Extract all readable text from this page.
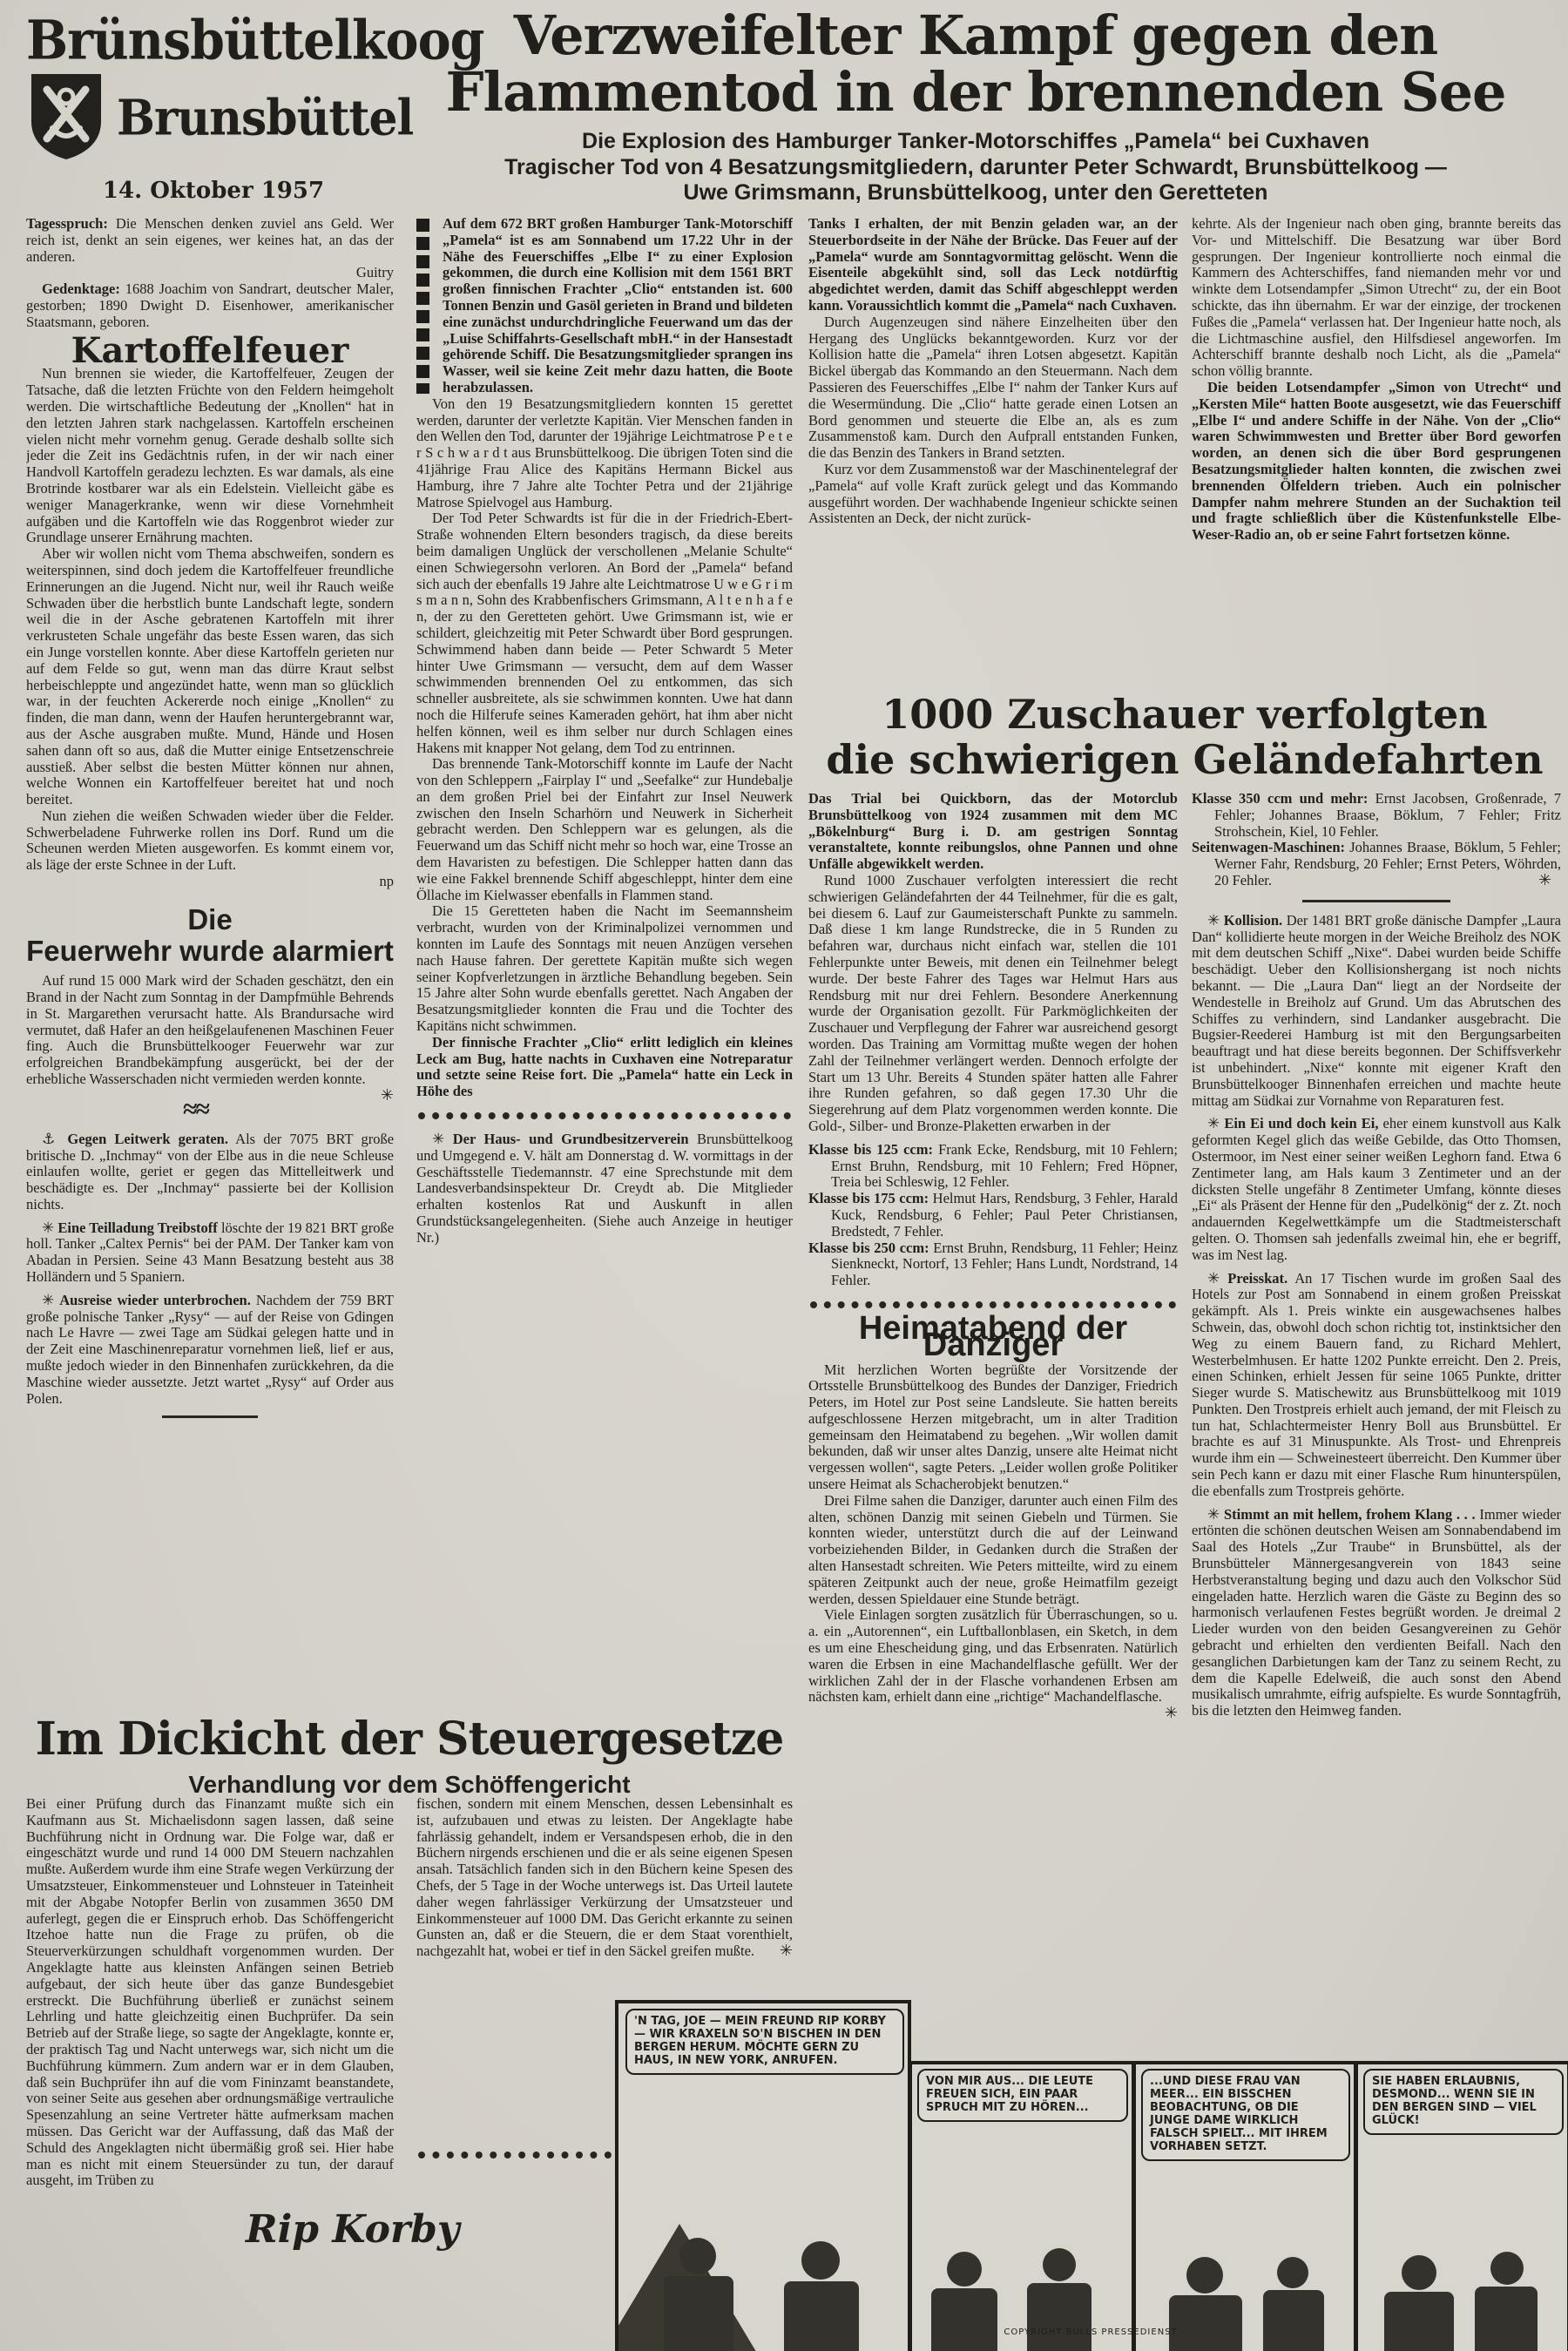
Brünsbüttelkoog
Brunsbüttel
14. Oktober 1957
Verzweifelter Kampf gegen den
Flammentod in der brennenden See
Die Explosion des Hamburger Tanker-Motorschiffes „Pamela“ bei Cuxhaven
Tragischer Tod von 4 Besatzungsmitgliedern, darunter Peter Schwardt, Brunsbüttelkoog —
Uwe Grimsmann, Brunsbüttelkoog, unter den Geretteten

Tagesspruch: Die Menschen denken zuviel ans Geld. Wer reich ist, denkt an sein eigenes, wer keines hat, an das der anderen.

Guitry

Gedenktage: 1688 Joachim von Sandrart, deutscher Maler, gestorben; 1890 Dwight D. Eisenhower, amerikanischer Staatsmann, geboren.

Kartoffelfeuer

Nun brennen sie wieder, die Kartoffelfeuer, Zeugen der Tatsache, daß die letzten Früchte von den Feldern heimgeholt werden. Die wirtschaftliche Bedeutung der „Knollen“ hat in den letzten Jahren stark nachgelassen. Kartoffeln erscheinen vielen nicht mehr vornehm genug. Gerade deshalb sollte sich jeder die Zeit ins Gedächtnis rufen, in der wir nach einer Handvoll Kartoffeln geradezu lechzten. Es war damals, als eine Brotrinde kostbarer war als ein Edelstein. Vielleicht gäbe es weniger Managerkranke, wenn wir diese Vornehmheit aufgäben und die Kartoffeln wie das Roggenbrot wieder zur Grundlage unserer Ernährung machten.

Aber wir wollen nicht vom Thema abschweifen, sondern es weiterspinnen, sind doch jedem die Kartoffelfeuer freundliche Erinnerungen an die Jugend. Nicht nur, weil ihr Rauch weiße Schwaden über die herbstlich bunte Landschaft legte, sondern weil die in der Asche gebratenen Kartoffeln mit ihrer verkrusteten Schale ungefähr das beste Essen waren, das sich ein Junge vorstellen konnte. Aber diese Kartoffeln gerieten nur auf dem Felde so gut, wenn man das dürre Kraut selbst herbeischleppte und angezündet hatte, wenn man so glücklich war, in der feuchten Ackererde noch einige „Knollen“ zu finden, die man dann, wenn der Haufen heruntergebrannt war, aus der Asche ausgraben mußte. Mund, Hände und Hosen sahen dann oft so aus, daß die Mutter einige Entsetzenschreie ausstieß. Aber selbst die besten Mütter können nur ahnen, welche Wonnen ein Kartoffelfeuer bereitet hat und noch bereitet.

Nun ziehen die weißen Schwaden wieder über die Felder. Schwerbeladene Fuhrwerke rollen ins Dorf. Rund um die Scheunen werden Mieten ausgeworfen. Es kommt einem vor, als läge der erste Schnee in der Luft.

np

Die
Feuerwehr wurde alarmiert

Auf rund 15 000 Mark wird der Schaden geschätzt, den ein Brand in der Nacht zum Sonntag in der Dampfmühle Behrends in St. Margarethen verursacht hatte. Als Brandursache wird vermutet, daß Hafer an den heißgelaufenenen Maschinen Feuer fing. Auch die Brunsbüttelkooger Feuerwehr war zur erfolgreichen Brandbekämpfung ausgerückt, bei der der erhebliche Wasserschaden nicht vermieden werden konnte.
✳

≈≈

⚓ Gegen Leitwerk geraten. Als der 7075 BRT große britische D. „Inchmay“ von der Elbe aus in die neue Schleuse einlaufen wollte, geriet er gegen das Mittelleitwerk und beschädigte es. Der „Inchmay“ passierte bei der Kollision nichts.

✳ Eine Teilladung Treibstoff löschte der 19 821 BRT große holl. Tanker „Caltex Pernis“ bei der PAM. Der Tanker kam von Abadan in Persien. Seine 43 Mann Besatzung besteht aus 38 Holländern und 5 Spaniern.

✳ Ausreise wieder unterbrochen. Nachdem der 759 BRT große polnische Tanker „Rysy“ — auf der Reise von Gdingen nach Le Havre — zwei Tage am Südkai gelegen hatte und in der Zeit eine Maschinenreparatur vornehmen ließ, lief er aus, mußte jedoch wieder in den Binnenhafen zurückkehren, da die Maschine wieder aussetzte. Jetzt wartet „Rysy“ auf Order aus Polen.

Auf dem 672 BRT großen Hamburger Tank-Motorschiff „Pamela“ ist es am Sonnabend um 17.22 Uhr in der Nähe des Feuerschiffes „Elbe I“ zu einer Explosion gekommen, die durch eine Kollision mit dem 1561 BRT großen finnischen Frachter „Clio“ entstanden ist. 600 Tonnen Benzin und Gasöl gerieten in Brand und bildeten eine zunächst undurchdringliche Feuerwand um das der „Luise Schiffahrts-Gesellschaft mbH.“ in der Hansestadt gehörende Schiff. Die Besatzungsmitglieder sprangen ins Wasser, weil sie keine Zeit mehr dazu hatten, die Boote herabzulassen.

Von den 19 Besatzungsmitgliedern konnten 15 gerettet werden, darunter der verletzte Kapitän. Vier Menschen fanden in den Wellen den Tod, darunter der 19jährige Leichtmatrose P e t e r S c h w a r d t aus Brunsbüttelkoog. Die übrigen Toten sind die 41jährige Frau Alice des Kapitäns Hermann Bickel aus Hamburg, ihre 7 Jahre alte Tochter Petra und der 21jährige Matrose Spielvogel aus Hamburg.

Der Tod Peter Schwardts ist für die in der Friedrich-Ebert-Straße wohnenden Eltern besonders tragisch, da diese bereits beim damaligen Unglück der verschollenen „Melanie Schulte“ einen Schwiegersohn verloren. An Bord der „Pamela“ befand sich auch der ebenfalls 19 Jahre alte Leichtmatrose U w e G r i m s m a n n, Sohn des Krabbenfischers Grimsmann, A l t e n h a f e n, der zu den Geretteten gehört. Uwe Grimsmann ist, wie er schildert, gleichzeitig mit Peter Schwardt über Bord gesprungen. Schwimmend haben dann beide — Peter Schwardt 5 Meter hinter Uwe Grimsmann — versucht, dem auf dem Wasser schwimmenden brennenden Oel zu entkommen, das sich schneller ausbreitete, als sie schwimmen konnten. Uwe hat dann noch die Hilferufe seines Kameraden gehört, hat ihm aber nicht helfen können, weil es ihm selber nur durch Schlagen eines Hakens mit knapper Not gelang, dem Tod zu entrinnen.

Das brennende Tank-Motorschiff konnte im Laufe der Nacht von den Schleppern „Fairplay I“ und „Seefalke“ zur Hundebalje an dem großen Priel bei der Einfahrt zur Insel Neuwerk zwischen den Inseln Scharhörn und Neuwerk in Sicherheit gebracht werden. Den Schleppern war es gelungen, als die Feuerwand um das Schiff nicht mehr so hoch war, eine Trosse an dem Havaristen zu befestigen. Die Schlepper hatten dann das wie eine Fakkel brennende Schiff abgeschleppt, hinter dem eine Öllache im Kielwasser ebenfalls in Flammen stand.

Die 15 Geretteten haben die Nacht im Seemannsheim verbracht, wurden von der Kriminalpolizei vernommen und konnten im Laufe des Sonntags mit neuen Anzügen versehen nach Hause fahren. Der gerettete Kapitän mußte sich wegen seiner Kopfverletzungen in ärztliche Behandlung begeben. Sein 15 Jahre alter Sohn wurde ebenfalls gerettet. Nach Angaben der Besatzungsmitglieder konnten die Frau und die Tochter des Kapitäns nicht schwimmen.

Der finnische Frachter „Clio“ erlitt lediglich ein kleines Leck am Bug, hatte nachts in Cuxhaven eine Notreparatur und setzte seine Reise fort. Die „Pamela“ hatte ein Leck in Höhe des

✳ Der Haus- und Grundbesitzerverein Brunsbüttelkoog und Umgegend e. V. hält am Donnerstag d. W. vormittags in der Geschäftsstelle Tiedemannstr. 47 eine Sprechstunde mit dem Landesverbandsinspekteur Dr. Creydt ab. Die Mitglieder erhalten kostenlos Rat und Auskunft in allen Grundstücksangelegenheiten. (Siehe auch Anzeige in heutiger Nr.)

Tanks I erhalten, der mit Benzin geladen war, an der Steuerbordseite in der Nähe der Brücke. Das Feuer auf der „Pamela“ wurde am Sonntagvormittag gelöscht. Wenn die Eisenteile abgekühlt sind, soll das Leck notdürftig abgedichtet werden, damit das Schiff abgeschleppt werden kann. Voraussichtlich kommt die „Pamela“ nach Cuxhaven.

Durch Augenzeugen sind nähere Einzelheiten über den Hergang des Unglücks bekanntgeworden. Kurz vor der Kollision hatte die „Pamela“ ihren Lotsen abgesetzt. Kapitän Bickel übergab das Kommando an den Steuermann. Nach dem Passieren des Feuerschiffes „Elbe I“ nahm der Tanker Kurs auf die Wesermündung. Die „Clio“ hatte gerade einen Lotsen an Bord genommen und steuerte die Elbe an, als es zum Zusammenstoß kam. Durch den Aufprall entstanden Funken, die das Benzin des Tankers in Brand setzten.

Kurz vor dem Zusammenstoß war der Maschinentelegraf der „Pamela“ auf volle Kraft zurück gelegt und das Kommando ausgeführt worden. Der wachhabende Ingenieur schickte seinen Assistenten an Deck, der nicht zurück-

kehrte. Als der Ingenieur nach oben ging, brannte bereits das Vor- und Mittelschiff. Die Besatzung war über Bord gesprungen. Der Ingenieur kontrollierte noch einmal die Kammern des Achterschiffes, fand niemanden mehr vor und winkte dem Lotsendampfer „Simon Utrecht“ zu, der ein Boot schickte, das ihn übernahm. Er war der einzige, der trockenen Fußes die „Pamela“ verlassen hat. Der Ingenieur hatte noch, als die Lichtmaschine ausfiel, den Hilfsdiesel angeworfen. Im Achterschiff brannte deshalb noch Licht, als die „Pamela“ schon völlig brannte.

Die beiden Lotsendampfer „Simon von Utrecht“ und „Kersten Mile“ hatten Boote ausgesetzt, wie das Feuerschiff „Elbe I“ und andere Schiffe in der Nähe. Von der „Clio“ waren Schwimmwesten und Bretter über Bord geworfen worden, an denen sich die über Bord gesprungenen Besatzungsmitglieder halten konnten, die zwischen zwei brennenden Ölfeldern trieben. Auch ein polnischer Dampfer nahm mehrere Stunden an der Suchaktion teil und fragte schließlich über die Küstenfunkstelle Elbe-Weser-Radio an, ob er seine Fahrt fortsetzen könne.

1000 Zuschauer verfolgten
die schwierigen Geländefahrten

Das Trial bei Quickborn, das der Motorclub Brunsbüttelkoog von 1924 zusammen mit dem MC „Bökelnburg“ Burg i. D. am gestrigen Sonntag veranstaltete, konnte reibungslos, ohne Pannen und ohne Unfälle abgewikkelt werden.

Rund 1000 Zuschauer verfolgten interessiert die recht schwierigen Geländefahrten der 44 Teilnehmer, für die es galt, bei diesem 6. Lauf zur Gaumeisterschaft Punkte zu sammeln. Daß diese 1 km lange Rundstrecke, die in 5 Runden zu befahren war, durchaus nicht einfach war, stellen die 101 Fehlerpunkte unter Beweis, mit denen ein Teilnehmer belegt wurde. Der beste Fahrer des Tages war Helmut Hars aus Rendsburg mit nur drei Fehlern. Besondere Anerkennung wurde der Organisation gezollt. Für Parkmöglichkeiten der Zuschauer und Verpflegung der Fahrer war ausreichend gesorgt worden. Das Training am Vormittag mußte wegen der hohen Zahl der Teilnehmer verlängert werden. Dennoch erfolgte der Start um 13 Uhr. Bereits 4 Stunden später hatten alle Fahrer ihre Runden gefahren, so daß gegen 17.30 Uhr die Siegerehrung auf dem Platz vorgenommen werden konnte. Die Gold-, Silber- und Bronze-Plaketten erwarben in der

Klasse bis 125 ccm: Frank Ecke, Rendsburg, mit 10 Fehlern; Ernst Bruhn, Rendsburg, mit 10 Fehlern; Fred Höpner, Treia bei Schleswig, 12 Fehler.

Klasse bis 175 ccm: Helmut Hars, Rendsburg, 3 Fehler, Harald Kuck, Rendsburg, 6 Fehler; Paul Peter Christiansen, Bredstedt, 7 Fehler.

Klasse bis 250 ccm: Ernst Bruhn, Rendsburg, 11 Fehler; Heinz Sienkneckt, Nortorf, 13 Fehler; Hans Lundt, Nordstrand, 14 Fehler.

Heimatabend der Danziger

Mit herzlichen Worten begrüßte der Vorsitzende der Ortsstelle Brunsbüttelkoog des Bundes der Danziger, Friedrich Peters, im Hotel zur Post seine Landsleute. Sie hatten bereits aufgeschlossene Herzen mitgebracht, um in alter Tradition gemeinsam den Heimatabend zu begehen. „Wir wollen damit bekunden, daß wir unser altes Danzig, unsere alte Heimat nicht vergessen wollen“, sagte Peters. „Leider wollen große Politiker unsere Heimat als Schacherobjekt benutzen.“

Drei Filme sahen die Danziger, darunter auch einen Film des alten, schönen Danzig mit seinen Giebeln und Türmen. Sie konnten wieder, unterstützt durch die auf der Leinwand vorbeiziehenden Bilder, in Gedanken durch die Straßen der alten Hansestadt schreiten. Wie Peters mitteilte, wird zu einem späteren Zeitpunkt auch der neue, große Heimatfilm gezeigt werden, dessen Spieldauer eine Stunde beträgt.

Viele Einlagen sorgten zusätzlich für Überraschungen, so u. a. ein „Autorennen“, ein Luftballonblasen, ein Sketch, in dem es um eine Ehescheidung ging, und das Erbsenraten. Natürlich waren die Erbsen in eine Machandelflasche gefüllt. Wer der wirklichen Zahl der in der Flasche vorhandenen Erbsen am nächsten kam, erhielt dann eine „richtige“ Machandelflasche.
✳

Klasse 350 ccm und mehr: Ernst Jacobsen, Großenrade, 7 Fehler; Johannes Braase, Böklum, 7 Fehler; Fritz Strohschein, Kiel, 10 Fehler.

Seitenwagen-Maschinen: Johannes Braase, Böklum, 5 Fehler; Werner Fahr, Rendsburg, 20 Fehler; Ernst Peters, Wöhrden, 20 Fehler.	✳

✳ Kollision. Der 1481 BRT große dänische Dampfer „Laura Dan“ kollidierte heute morgen in der Weiche Breiholz des NOK mit dem deutschen Schiff „Nixe“. Dabei wurden beide Schiffe beschädigt. Ueber den Kollisionshergang ist noch nichts bekannt. — Die „Laura Dan“ liegt an der Nordseite der Wendestelle in Breiholz auf Grund. Um das Abrutschen des Schiffes zu verhindern, sind Landanker ausgebracht. Die Bugsier-Reederei Hamburg ist mit den Bergungsarbeiten beauftragt und hat diese bereits begonnen. Der Schiffsverkehr ist unbehindert. „Nixe“ konnte mit eigener Kraft den Brunsbüttelkooger Binnenhafen erreichen und machte heute mittag am Südkai zur Vornahme von Reparaturen fest.

✳ Ein Ei und doch kein Ei, eher einem kunstvoll aus Kalk geformten Kegel glich das weiße Gebilde, das Otto Thomsen, Ostermoor, im Nest einer seiner weißen Leghorn fand. Etwa 6 Zentimeter lang, am Hals kaum 3 Zentimeter und an der dicksten Stelle ungefähr 8 Zentimeter Umfang, könnte dieses „Ei“ als Präsent der Henne für den „Pudelkönig“ der z. Zt. noch andauernden Kegelwettkämpfe um die Stadtmeisterschaft gelten. O. Thomsen sah jedenfalls zweimal hin, ehe er begriff, was im Nest lag.

✳ Preisskat. An 17 Tischen wurde im großen Saal des Hotels zur Post am Sonnabend in einem großen Preisskat gekämpft. Als 1. Preis winkte ein ausgewachsenes halbes Schwein, das, obwohl doch schon richtig tot, instinktsicher den Weg zu einem Bauern fand, zu Richard Mehlert, Westerbelmhusen. Er hatte 1202 Punkte erreicht. Den 2. Preis, einen Schinken, erhielt Jessen für seine 1065 Punkte, dritter Sieger wurde S. Matischewitz aus Brunsbüttelkoog mit 1019 Punkten. Den Trostpreis erhielt auch jemand, der mit Fleisch zu tun hat, Schlachtermeister Henry Boll aus Brunsbüttel. Er brachte es auf 31 Minuspunkte. Als Trost- und Ehrenpreis wurde ihm ein — Schweinesteert überreicht. Den Kummer über sein Pech kann er dazu mit einer Flasche Rum hinunterspülen, die ebenfalls zum Trostpreis gehörte.

✳ Stimmt an mit hellem, frohem Klang . . . Immer wieder ertönten die schönen deutschen Weisen am Sonnabendabend im Saal des Hotels „Zur Traube“ in Brunsbüttel, als der Brunsbütteler Männergesangverein von 1843 seine Herbstveranstaltung beging und dazu auch den Volkschor Süd eingeladen hatte. Herzlich waren die Gäste zu Beginn des so harmonisch verlaufenen Festes begrüßt worden. Je dreimal 2 Lieder wurden von den beiden Gesangvereinen zu Gehör gebracht und erhielten den verdienten Beifall. Nach den gesanglichen Darbietungen kam der Tanz zu seinem Recht, zu dem die Kapelle Edelweiß, die auch sonst den Abend musikalisch umrahmte, eifrig aufspielte. Es wurde Sonntagfrüh, bis die letzten den Heimweg fanden.

Im Dickicht der Steuergesetze
Verhandlung vor dem Schöffengericht

Bei einer Prüfung durch das Finanzamt mußte sich ein Kaufmann aus St. Michaelisdonn sagen lassen, daß seine Buchführung nicht in Ordnung war. Die Folge war, daß er eingeschätzt wurde und rund 14 000 DM Steuern nachzahlen mußte. Außerdem wurde ihm eine Strafe wegen Verkürzung der Umsatzsteuer, Einkommensteuer und Lohnsteuer in Tateinheit mit der Abgabe Notopfer Berlin von zusammen 3650 DM auferlegt, gegen die er Einspruch erhob. Das Schöffengericht Itzehoe hatte nun die Frage zu prüfen, ob die Steuerverkürzungen schuldhaft vorgenommen wurden. Der Angeklagte hatte aus kleinsten Anfängen seinen Betrieb aufgebaut, der sich heute über das ganze Bundesgebiet erstreckt. Die Buchführung überließ er zunächst seinem Lehrling und hatte gleichzeitig einen Buchprüfer. Da sein Betrieb auf der Straße liege, so sagte der Angeklagte, konnte er, der praktisch Tag und Nacht unterwegs war, sich nicht um die Buchführung kümmern. Zum andern war er in dem Glauben, daß sein Buchprüfer ihn auf die vom Fininzamt beanstandete, von seiner Seite aus gesehen aber ordnungsmäßige vertrauliche Spesenzahlung an seine Vertreter hätte aufmerksam machen müssen. Das Gericht war der Auffassung, daß das Maß der Schuld des Angeklagten nicht übermäßig groß sei. Hier habe man es nicht mit einem Steuersünder zu tun, der darauf ausgeht, im Trüben zu

fischen, sondern mit einem Menschen, dessen Lebensinhalt es ist, aufzubauen und etwas zu leisten. Der Angeklagte habe fahrlässig gehandelt, indem er Versandspesen erhob, die in den Büchern nirgends erschienen und die er als seine eigenen Spesen ansah. Tatsächlich fanden sich in den Büchern keine Spesen des Chefs, der 5 Tage in der Woche unterwegs ist. Das Urteil lautete daher wegen fahrlässiger Verkürzung der Umsatzsteuer und Einkommensteuer auf 1000 DM. Das Gericht erkannte zu seinen Gunsten an, daß er die Steuern, die er dem Staat vorenthielt, nachgezahlt hat, wobei er tief in den Säckel greifen mußte. ✳

Rip Korby
'N TAG, JOE — MEIN FREUND RIP KORBY — WIR KRAXELN SO'N BISCHEN IN DEN BERGEN HERUM. MÖCHTE GERN ZU HAUS, IN NEW YORK, ANRUFEN.
VON MIR AUS... DIE LEUTE FREUEN SICH, EIN PAAR SPRUCH MIT ZU HÖREN...
...UND DIESE FRAU VAN MEER... EIN BISSCHEN BEOBACHTUNG, OB DIE JUNGE DAME WIRKLICH FALSCH SPIELT... MIT IHREM VORHABEN SETZT.
SIE HABEN ERLAUBNIS, DESMOND... WENN SIE IN DEN BERGEN SIND — VIEL GLÜCK!
COPYRIGHT BULLS PRESSEDIENST
